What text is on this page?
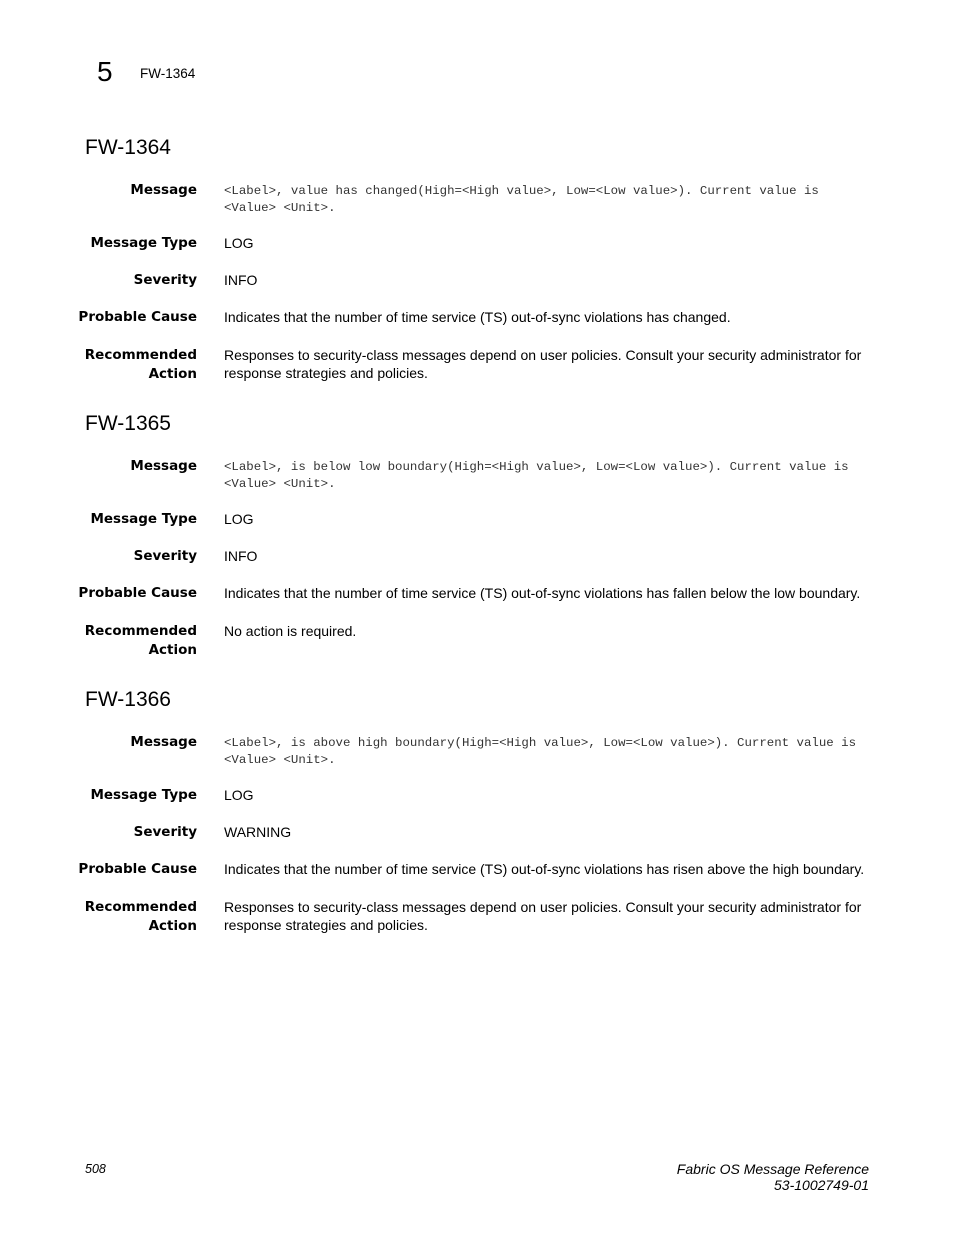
5 FW-1364
FW-1364
Message <Label>, value has changed(High=<High value>, Low=<Low value>). Current value is <Value> <Unit>.
Message Type LOG
Severity INFO
Probable Cause Indicates that the number of time service (TS) out-of-sync violations has changed.
Recommended
Action
Responses to security-class messages depend on user policies. Consult your security administrator for response strategies and policies.
FW-1365
Message <Label>, is below low boundary(High=<High value>, Low=<Low value>). Current value is <Value> <Unit>.
Message Type LOG
Severity INFO
Probable Cause Indicates that the number of time service (TS) out-of-sync violations has fallen below the low boundary.
Recommended
Action
No action is required.
FW-1366
Message <Label>, is above high boundary(High=<High value>, Low=<Low value>). Current value is <Value> <Unit>.
Message Type LOG
Severity WARNING
Probable Cause Indicates that the number of time service (TS) out-of-sync violations has risen above the high boundary.
Recommended
Action
Responses to security-class messages depend on user policies. Consult your security administrator for response strategies and policies.
508	Fabric OS Message Reference
53-1002749-01
